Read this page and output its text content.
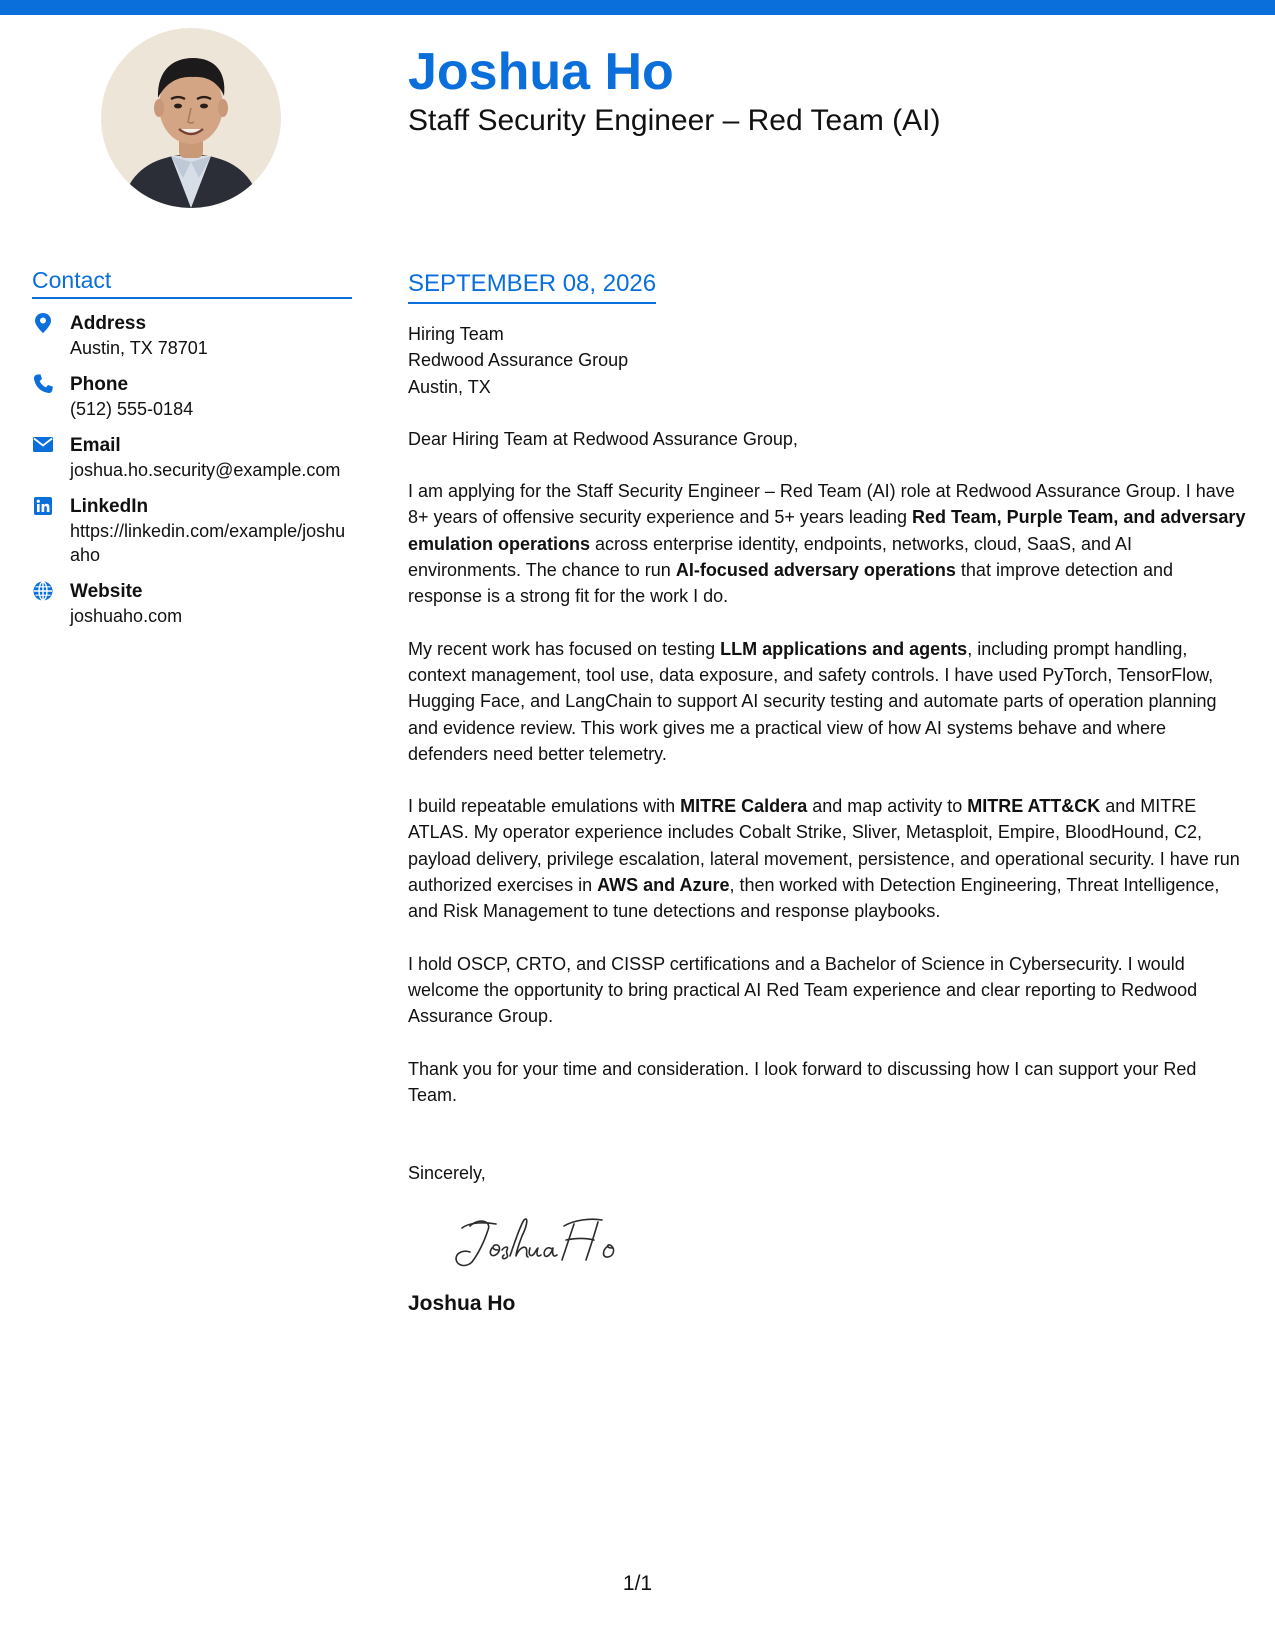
Joshua Ho
Staff Security Engineer – Red Team (AI)
Contact
Address
Austin, TX 78701
Phone
(512) 555-0184
Email
joshua.ho.security@example.com
LinkedIn
https://linkedin.com/example/joshuaho
Website
joshuaho.com
SEPTEMBER 08, 2026
Hiring Team
Redwood Assurance Group
Austin, TX
Dear Hiring Team at Redwood Assurance Group,

I am applying for the Staff Security Engineer – Red Team (AI) role at Redwood Assurance Group. I have 8+ years of offensive security experience and 5+ years leading Red Team, Purple Team, and adversary emulation operations across enterprise identity, endpoints, networks, cloud, SaaS, and AI environments. The chance to run AI-focused adversary operations that improve detection and response is a strong fit for the work I do.

My recent work has focused on testing LLM applications and agents, including prompt handling, context management, tool use, data exposure, and safety controls. I have used PyTorch, TensorFlow, Hugging Face, and LangChain to support AI security testing and automate parts of operation planning and evidence review. This work gives me a practical view of how AI systems behave and where defenders need better telemetry.

I build repeatable emulations with MITRE Caldera and map activity to MITRE ATT&CK and MITRE ATLAS. My operator experience includes Cobalt Strike, Sliver, Metasploit, Empire, BloodHound, C2, payload delivery, privilege escalation, lateral movement, persistence, and operational security. I have run authorized exercises in AWS and Azure, then worked with Detection Engineering, Threat Intelligence, and Risk Management to tune detections and response playbooks.

I hold OSCP, CRTO, and CISSP certifications and a Bachelor of Science in Cybersecurity. I would welcome the opportunity to bring practical AI Red Team experience and clear reporting to Redwood Assurance Group.

Thank you for your time and consideration. I look forward to discussing how I can support your Red Team.

Sincerely,
Joshua Ho
1/1
